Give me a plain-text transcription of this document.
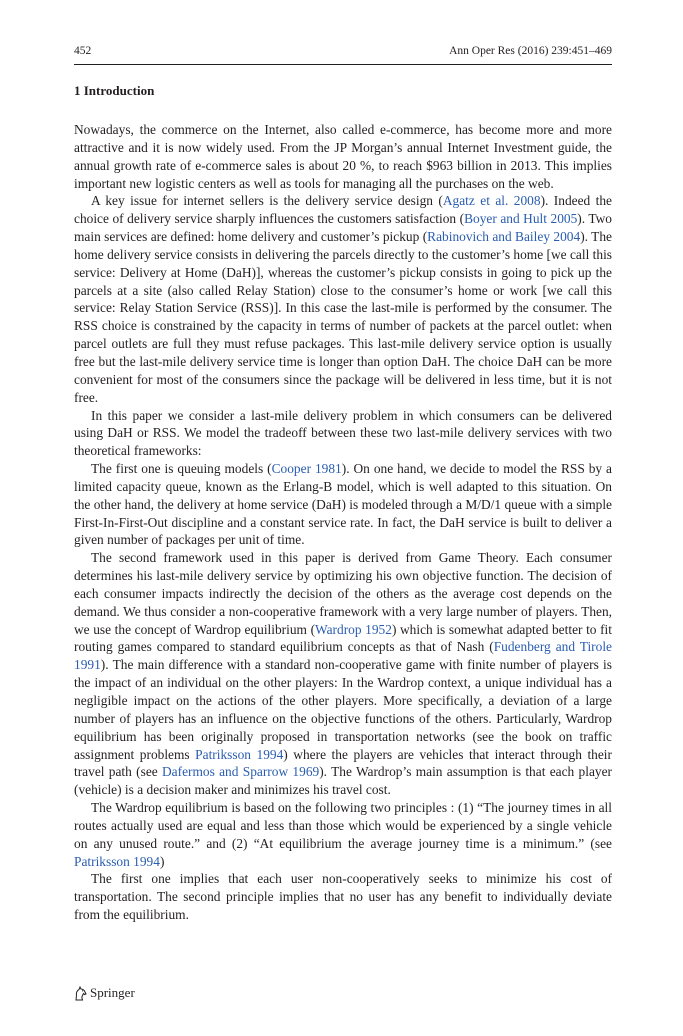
452	Ann Oper Res (2016) 239:451–469
1 Introduction

Nowadays, the commerce on the Internet, also called e-commerce, has become more and more attractive and it is now widely used. From the JP Morgan’s annual Internet Investment guide, the annual growth rate of e-commerce sales is about 20 %, to reach $963 billion in 2013. This implies important new logistic centers as well as tools for managing all the purchases on the web.

A key issue for internet sellers is the delivery service design (Agatz et al. 2008). Indeed the choice of delivery service sharply influences the customers satisfaction (Boyer and Hult 2005). Two main services are defined: home delivery and customer’s pickup (Rabinovich and Bailey 2004). The home delivery service consists in delivering the parcels directly to the customer’s home [we call this service: Delivery at Home (DaH)], whereas the customer’s pickup consists in going to pick up the parcels at a site (also called Relay Station) close to the consumer’s home or work [we call this service: Relay Station Service (RSS)]. In this case the last-mile is performed by the consumer. The RSS choice is constrained by the capacity in terms of number of packets at the parcel outlet: when parcel outlets are full they must refuse packages. This last-mile delivery service option is usually free but the last-mile delivery service time is longer than option DaH. The choice DaH can be more convenient for most of the consumers since the package will be delivered in less time, but it is not free.

In this paper we consider a last-mile delivery problem in which consumers can be delivered using DaH or RSS. We model the tradeoff between these two last-mile delivery services with two theoretical frameworks:

The first one is queuing models (Cooper 1981). On one hand, we decide to model the RSS by a limited capacity queue, known as the Erlang-B model, which is well adapted to this situation. On the other hand, the delivery at home service (DaH) is modeled through a M/D/1 queue with a simple First-In-First-Out discipline and a constant service rate. In fact, the DaH service is built to deliver a given number of packages per unit of time.

The second framework used in this paper is derived from Game Theory. Each consumer determines his last-mile delivery service by optimizing his own objective function. The decision of each consumer impacts indirectly the decision of the others as the average cost depends on the demand. We thus consider a non-cooperative framework with a very large number of players. Then, we use the concept of Wardrop equilibrium (Wardrop 1952) which is somewhat adapted better to fit routing games compared to standard equilibrium concepts as that of Nash (Fudenberg and Tirole 1991). The main difference with a standard non-cooperative game with finite number of players is the impact of an individual on the other players: In the Wardrop context, a unique individual has a negligible impact on the actions of the other players. More specifically, a deviation of a large number of players has an influence on the objective functions of the others. Particularly, Wardrop equilibrium has been originally proposed in transportation networks (see the book on traffic assignment problems Patriksson 1994) where the players are vehicles that interact through their travel path (see Dafermos and Sparrow 1969). The Wardrop’s main assumption is that each player (vehicle) is a decision maker and minimizes his travel cost.

The Wardrop equilibrium is based on the following two principles : (1) “The journey times in all routes actually used are equal and less than those which would be experienced by a single vehicle on any unused route.” and (2) “At equilibrium the average journey time is a minimum.” (see Patriksson 1994)

The first one implies that each user non-cooperatively seeks to minimize his cost of transportation. The second principle implies that no user has any benefit to individually deviate from the equilibrium.

Springer
